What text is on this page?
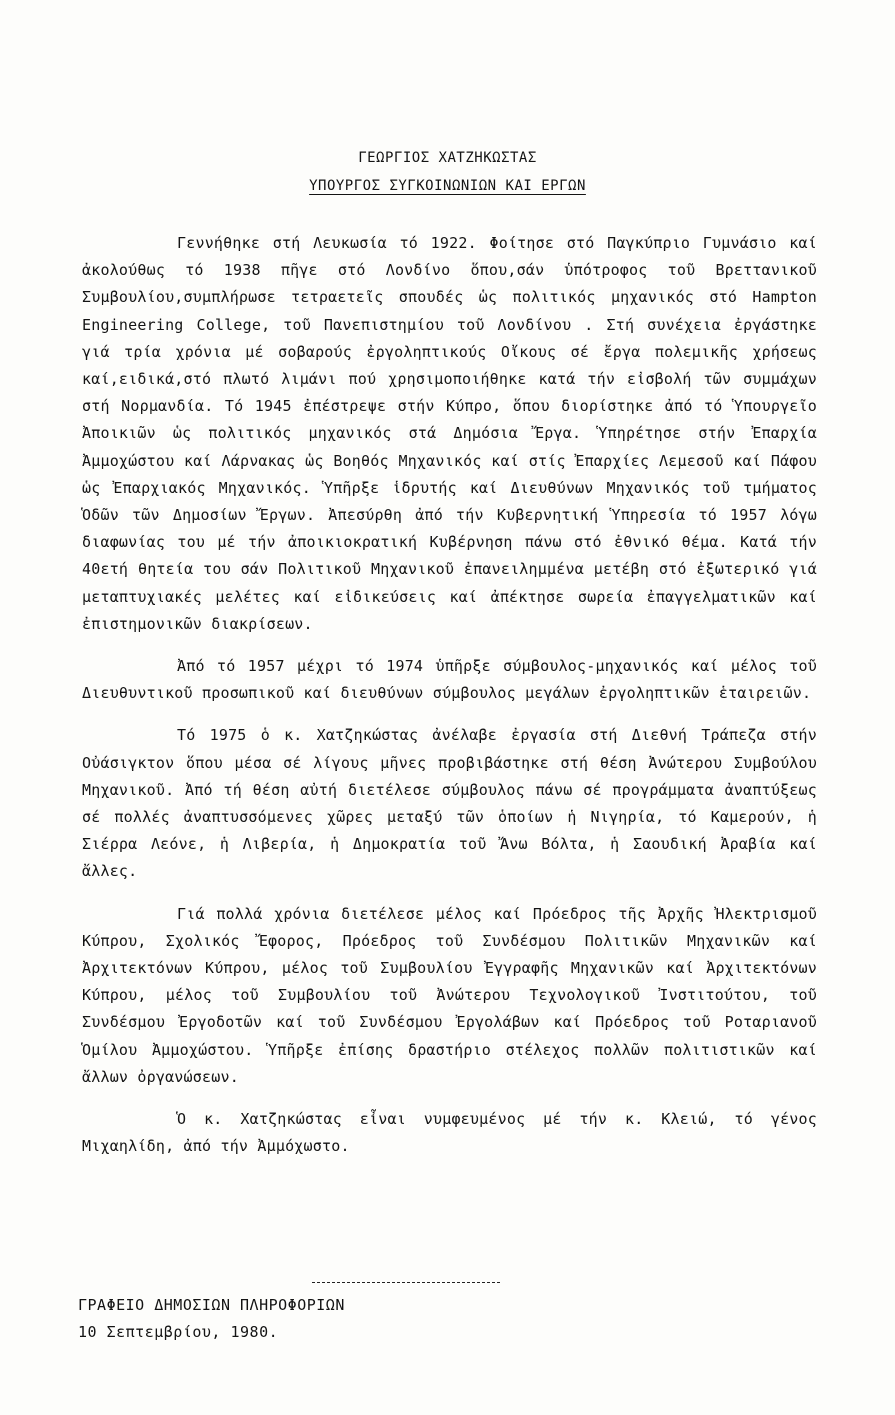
ΓΕΩΡΓΙΟΣ ΧΑΤΖΗΚΩΣΤΑΣ
ΥΠΟΥΡΓΟΣ ΣΥΓΚΟΙΝΩΝΙΩΝ ΚΑΙ ΕΡΓΩΝ

Γεννήθηκε στή Λευκωσία τό 1922. Φοίτησε στό Παγκύπριο Γυμνάσιο καί ἀκολούθως τό 1938 πῆγε στό Λονδίνο ὅπου,σάν ὑπότροφος τοῦ Βρεττανικοῦ Συμβουλίου,συμπλήρωσε τετραετεῖς σπουδές ὡς πολιτικός μηχανικός στό Hampton Engineering College, τοῦ Πανεπιστημίου τοῦ Λονδίνου . Στή συνέχεια ἐργάστηκε γιά τρία χρόνια μέ σοβαρούς ἐργοληπτικούς Οἴκους σέ ἔργα πολεμικῆς χρήσεως καί,ειδικά,στό πλωτό λιμάνι πού χρησιμοποιήθηκε κατά τήν εἰσβολή τῶν συμμάχων στή Νορμανδία. Τό 1945 ἐπέστρεψε στήν Κύπρο, ὅπου διορίστηκε ἀπό τό Ὑπουργεῖο Ἀποικιῶν ὡς πολιτικός μηχανικός στά Δημόσια Ἔργα. Ὑπηρέτησε στήν Ἐπαρχία Ἀμμοχώστου καί Λάρνακας ὡς Βοηθός Μηχανικός καί στίς Ἐπαρχίες Λεμεσοῦ καί Πάφου ὡς Ἐπαρχιακός Μηχανικός. Ὑπῆρξε ἱδρυτής καί Διευθύνων Μηχανικός τοῦ τμήματος Ὁδῶν τῶν Δημοσίων Ἔργων. Ἀπεσύρθη ἀπό τήν Κυβερνητική Ὑπηρεσία τό 1957 λόγω διαφωνίας του μέ τήν ἀποικιοκρατική Κυβέρνηση πάνω στό ἐθνικό θέμα. Κατά τήν 40ετή θητεία του σάν Πολιτικοῦ Μηχανικοῦ ἐπανειλημμένα μετέβη στό ἐξωτερικό γιά μεταπτυχιακές μελέτες καί εἰδικεύσεις καί ἀπέκτησε σωρεία ἐπαγγελματικῶν καί ἐπιστημονικῶν διακρίσεων.

Ἀπό τό 1957 μέχρι τό 1974 ὑπῆρξε σύμβουλος-μηχανικός καί μέλος τοῦ Διευθυντικοῦ προσωπικοῦ καί διευθύνων σύμβουλος μεγάλων ἐργοληπτικῶν ἑταιρειῶν.

Τό 1975 ὁ κ. Χατζηκώστας ἀνέλαβε ἐργασία στή Διεθνή Τράπεζα στήν Οὐάσιγκτον ὅπου μέσα σέ λίγους μῆνες προβιβάστηκε στή θέση Ἀνώτερου Συμβούλου Μηχανικοῦ. Ἀπό τή θέση αὐτή διετέλεσε σύμβουλος πάνω σέ προγράμματα ἀναπτύξεως σέ πολλές ἀναπτυσσόμενες χῶρες μεταξύ τῶν ὁποίων ἡ Νιγηρία, τό Καμερούν, ἡ Σιέρρα Λεόνε, ἡ Λιβερία, ἡ Δημοκρατία τοῦ Ἄνω Βόλτα, ἡ Σαουδική Ἀραβία καί ἄλλες.

Γιά πολλά χρόνια διετέλεσε μέλος καί Πρόεδρος τῆς Ἀρχῆς Ἠλεκτρισμοῦ Κύπρου, Σχολικός Ἔφορος, Πρόεδρος τοῦ Συνδέσμου Πολιτικῶν Μηχανικῶν καί Ἀρχιτεκτόνων Κύπρου, μέλος τοῦ Συμβουλίου Ἐγγραφῆς Μηχανικῶν καί Ἀρχιτεκτόνων Κύπρου, μέλος τοῦ Συμβουλίου τοῦ Ἀνώτερου Τεχνολογικοῦ Ἰνστιτούτου, τοῦ Συνδέσμου Ἐργοδοτῶν καί τοῦ Συνδέσμου Ἐργολάβων καί Πρόεδρος τοῦ Ροταριανοῦ Ὁμίλου Ἀμμοχώστου. Ὑπῆρξε ἐπίσης δραστήριο στέλεχος πολλῶν πολιτιστικῶν καί ἄλλων ὀργανώσεων.

Ὁ κ. Χατζηκώστας εἶναι νυμφευμένος μέ τήν κ. Κλειώ, τό γένος Μιχαηλίδη, ἀπό τήν Ἀμμόχωστο.

ΓΡΑΦΕΙΟ ΔΗΜΟΣΙΩΝ ΠΛΗΡΟΦΟΡΙΩΝ
10 Σεπτεμβρίου, 1980.
